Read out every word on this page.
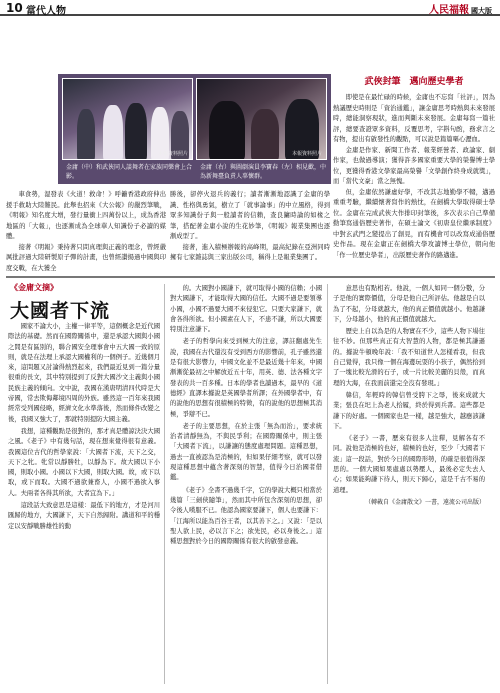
10 當代人物	人民福報 國大版
本報資料照片	本報資料照片
金庸（中）和武俠同人談舞者在家族同樂會上合影。
金庸（右）與圖劇演員李寶春（左）相見歡，中為新舞臺負責人辜懷群。
武俠封筆　邁向歷史學者

即使是在最忙碌的時候，金庸也不忘寫「社評」，因為熱議歷史時則是「資治通鑑」，讓金庸思考時熱與未來發展時，總能洞察現狀，進而判斷未來發展。金庸每寫一篇社評，總要查證眾多資料，反覆思考，字斟句酌，務求言之有物，提出有啟發性的觀點，可以說是篇篇嘔心瀝血。

金庸是作家、新聞工作者、報業經營者、政論家、劇作家，也做過導演；獲得許多國家重要大學的榮譽博士學位，更獲得香港文學家最高榮譽「文學創作終身成就獎」，而「當代文豪」當之無愧。

但，金庸依然謙虛好學，不改其志地勤學不輟，邁過重重考驗，繼續懷著寫作的熱忱，在劍橋大學取得碩士學位。金庸在完成武俠大作排印封筆後，多次表示自己準備勤筆寫通俗歷史著作，在碩士論文《初唐皇位繼承制度》中對玄武門之變提出了創見，而有機會可以改寫成通俗歷史作品。現在金庸正在劍橋大學攻讀博士學位，朝向他「作一位歷史學者」，出版歷史著作的路邁進。

車食勢，湿發表《火道！救命！》呼籲香港政府伸出援手救助大陸難民。此舉也招來《大公報》的嚴烈筆戰，《明報》知名度大增，發行量衝上四萬份以上，成為香港地區的「大報」，也逐漸成為全球華人知識份子必讀的媒體。

接著《明報》秉持著只問真理與正義的理念，曾經嚴厲批評過大陸研製原子彈的計畫，也曾經讚揚過中國與印度交戰，在大獲全

勝後，卻停火退兵的義行；讀者漸漸地認識了金庸的學識、性格與勇氣，樹立了「就事論事」的中立風格，得到眾多知識份子與一般讀者的信賴，查良鏞時論的如椽之筆，搭配著金庸小說的生花妙筆，《明報》報業集團也逐漸成型了。

接著，進入積極辦報的高峰期，最高紀錄在亞洲同時擁有七家雜誌與三家出版公司，稱得上是報業集團了。

《金庸文摘》
大國者下流

國家不論大小，主權一律平等，這個概念是近代國際法的基礎。然而在國際關係中，還是承認大國與小國之間是有區別的，聯合國安全理事會中五大國一致的原則，就是在法理上承認大國權利的一個例子。近幾個月來，這問題又討論得熱烈起來，我們最近見到一篇分量很重的長文，其中特別提到了反對大國沙文主義與小國民族主義的傾向。文中說，我國在漢唐明清四代時是大帝國，常去欺侮鄰境四周的外族。雖然這一百年來我國經常受列國侵略，經濟文化水準落後，然而條件改變之後，我國又強大了，那就特別提防大國主義。

我想，這種觀點是很對的，那才真是體諒決決大國之風。《老子》中有幾句話，現在想來覺得很有意義。我國這位古代的哲學家說：「大國者下流，天下之交，天下之牝。牝常以靜勝牡，以靜為下。故大國以下小國，則取小國。小國以下大國，則取大國。故，或下以取，或下而取。大國不過欲兼畜人，小國不過欲入事人。夫兩者各得其所欲，大者宜為下。」

這段話大致意思是這樣：最低下的地方，才是河川匯歸的地方，大國謙下，天下自然歸附。講道和平的穩定以安靜戰勝雄性的動

的。大國對小國謙下，就可取得小國的信賴；小國對大國謙下，才能取得大國的信任。大國不過是要領導小國，小國不過要大國不來侵犯它。只要大家謙下，就會各得所欲。但小國素在人下，不患不謙，所以大國要特別注意謙下。

老子的哲學向來受到極大的注意，譯註翻處先生說，我國在古代還沒有受到西方的影響前，孔子雖然還是有很大影響力，中國文化並不是最近幾十年來，中國漸漸從最初之中解放近五十年，用英、德、法各種文字發表的共一百多種。日本的學者也讀過本，最早的《道德經》直譯本據說是英國學者所譯；在外國學者中，有的說他的思想有很積極的特徵，有的說他的思想極其消極，爭辯不已。

老子的主要思想，在於主張「無為而治」，要求統治者清靜無為，不與民爭利；在國際關係中，則主張「大國者下流」，以謙讓的態度處理問題。這種思想，過去一直被認為是消極的，但如果仔細考察，就可以發現這種思想中蘊含著深刻的智慧，值得今日治國者借鑑。

《老子》全書不過幾千字，它的學說大概只相當於幾篇「三劍俠隨筆」，然而其中所包含深刻的思想，卻令後人嘆服不已。他認為國家要謙下，個人也要謙下：「江海所以能為百谷王者，以其善下之。」又說：「是以聖人欲上民，必以言下之；欲先民，必以身後之。」這種思想對於今日的國際關係有很大的啟發意義。

意思也有點相若。他說，一個人如同一個分數，分子是他的實際價值，分母是他自己所評估。他越是自以為了不起，分母就越大，他的真正價值就越小。他越謙下，分母越小，他的真正價值就越大。

歷史上自以為是的人物實在不少，這些人物下場往往不妙。但那些真正有大智慧的人物，都是極其謙遜的。據說牛頓晚年說：「我不知道世人怎樣看我，但我自己覺得，我只像一個在海邊玩耍的小孩子，偶然拾到了一塊比較光滑的石子，或一片比較美麗的貝殼，而真理的大海，在我面前還完全沒有發現。」

韓信，年輕時的韓信曾受胯下之辱，後來成就大業；張良在圯上為老人拾履，終於得到兵書。這些都是謙下的好處。一個國家也是一樣，越是強大，越應該謙下。

《老子》一書，歷來有很多人注釋，見解各有不同。說他是消極的也好，積極的也好，至少「大國者下流」這一段話，對於今日的國際形勢，的確是很值得深思的。一個大國如果處處以勢壓人，最後必定失去人心；如果能夠謙下待人，則天下歸心，這是千古不易的道理。

（轉載自《金庸散文》一書，遠流公司出版）
